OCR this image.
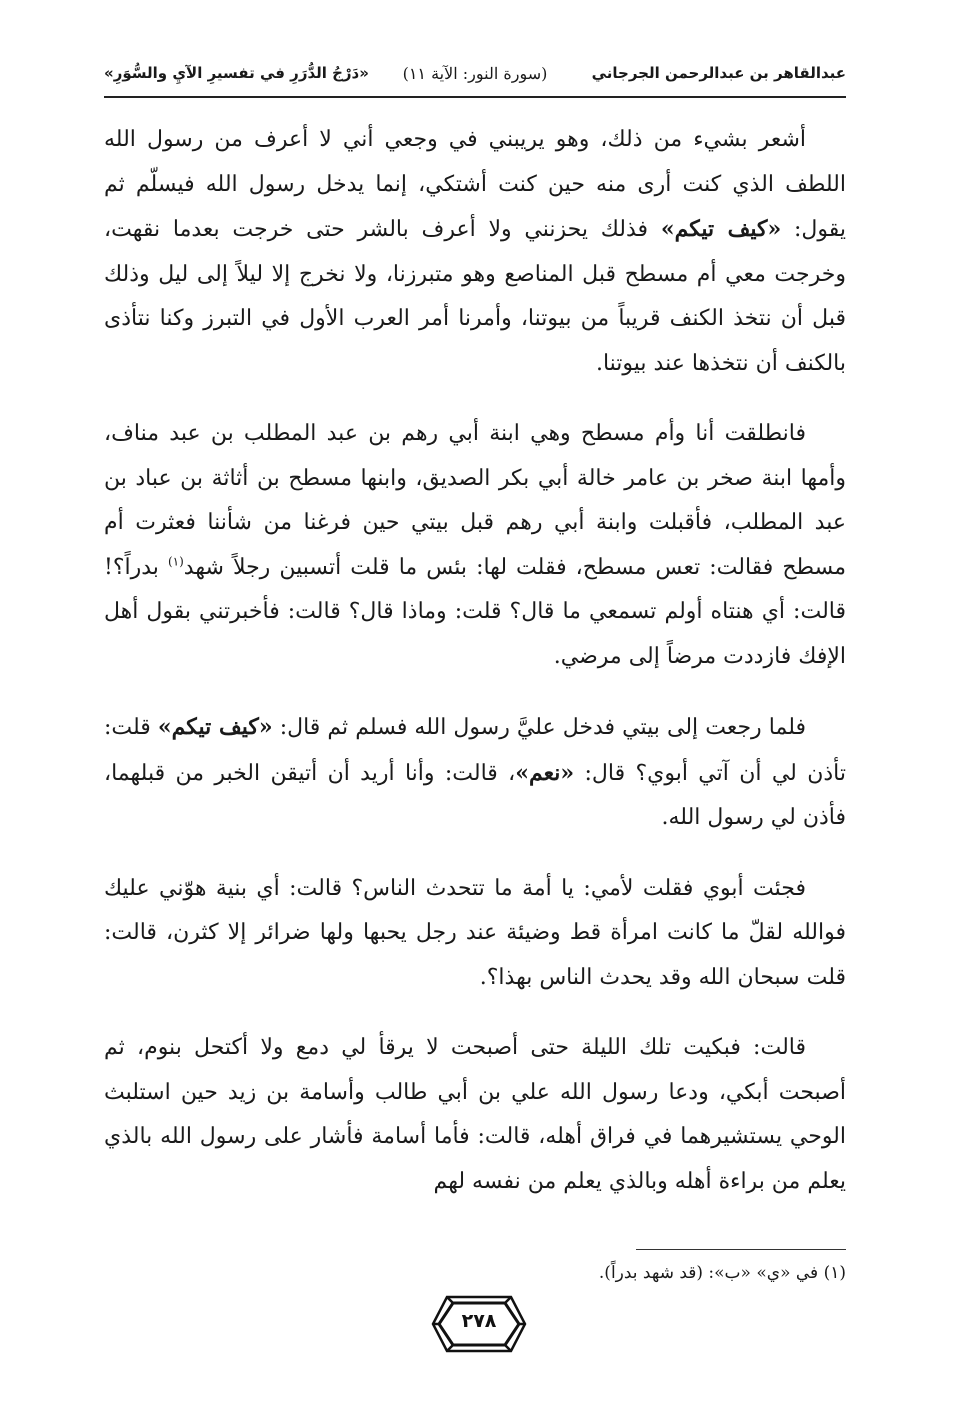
عبدالقاهر بن عبدالرحمن الجرجاني
(سورة النور: الآية ١١)
«دَرْجُ الدُّرَرِ في تفسيرِ الآيِ والسُّوَرِ»

أشعر بشيء من ذلك، وهو يريبني في وجعي أني لا أعرف من رسول الله اللطف الذي كنت أرى منه حين كنت أشتكي، إنما يدخل رسول الله فيسلّم ثم يقول: «كيف تيكم» فذلك يحزنني ولا أعرف بالشر حتى خرجت بعدما نقهت، وخرجت معي أم مسطح قبل المناصع وهو متبرزنا، ولا نخرج إلا ليلاً إلى ليل وذلك قبل أن نتخذ الكنف قريباً من بيوتنا، وأمرنا أمر العرب الأول في التبرز وكنا نتأذى بالكنف أن نتخذها عند بيوتنا.

فانطلقت أنا وأم مسطح وهي ابنة أبي رهم بن عبد المطلب بن عبد مناف، وأمها ابنة صخر بن عامر خالة أبي بكر الصديق، وابنها مسطح بن أثاثة بن عباد بن عبد المطلب، فأقبلت وابنة أبي رهم قبل بيتي حين فرغنا من شأننا فعثرت أم مسطح فقالت: تعس مسطح، فقلت لها: بئس ما قلت أتسبين رجلاً شهد$^{(١)}$ بدراً؟! قالت: أي هنتاه أولم تسمعي ما قال؟ قلت: وماذا قال؟ قالت: فأخبرتني بقول أهل الإفك فازددت مرضاً إلى مرضي.

فلما رجعت إلى بيتي فدخل عليَّ رسول الله فسلم ثم قال: «كيف تيكم» قلت: تأذن لي أن آتي أبوي؟ قال: «نعم»، قالت: وأنا أريد أن أتيقن الخبر من قبلهما، فأذن لي رسول الله.

فجئت أبوي فقلت لأمي: يا أمة ما تتحدث الناس؟ قالت: أي بنية هوّني عليك فوالله لقلّ ما كانت امرأة قط وضيئة عند رجل يحبها ولها ضرائر إلا كثرن، قالت: قلت سبحان الله وقد يحدث الناس بهذا؟.

قالت: فبكيت تلك الليلة حتى أصبحت لا يرقأ لي دمع ولا أكتحل بنوم، ثم أصبحت أبكي، ودعا رسول الله علي بن أبي طالب وأسامة بن زيد حين استلبث الوحي يستشيرهما في فراق أهله، قالت: فأما أسامة فأشار على رسول الله بالذي يعلم من براءة أهله وبالذي يعلم من نفسه لهم

(١) في «ي» «ب»: (قد شهد بدراً).
٢٧٨
